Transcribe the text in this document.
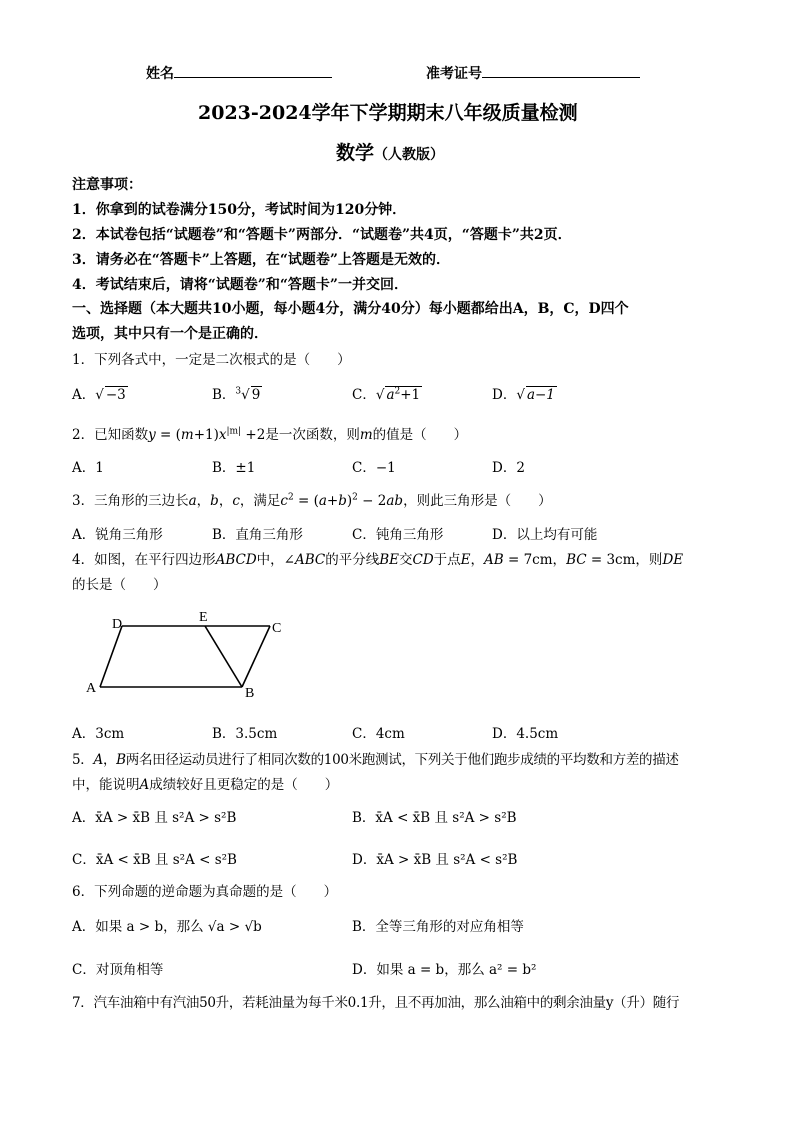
姓名	准考证号
2023-2024学年下学期期末八年级质量检测
数学（人教版）
注意事项：
1．你拿到的试卷满分150分，考试时间为120分钟．
2．本试卷包括“试题卷”和“答题卡”两部分．“试题卷”共4页，“答题卡”共2页．
3．请务必在“答题卡”上答题，在“试题卷”上答题是无效的．
4．考试结束后，请将“试题卷”和“答题卡”一并交回．
一、选择题（本大题共10小题，每小题4分，满分40分）每小题都给出A，B，C，D四个
选项，其中只有一个是正确的．
1．下列各式中，一定是二次根式的是（　　）
A．√ −3	B．$^3$√ 9	C．√ $a^2+1$	D．√ a−1
2．已知函数$y = (m+1)x^{|m|} +2$是一次函数，则m的值是（　　）
A．1	B．±1	C．−1	D．2
3．三角形的三边长a，b，c，满足$c^2 = (a+b)^2 - 2ab$，则此三角形是（　　）
A．锐角三角形	B．直角三角形	C．钝角三角形	D．以上均有可能
4．如图，在平行四边形ABCD中，∠ABC的平分线BE交CD于点E，AB = 7cm，BC = 3cm，则DE
的长是（　　）
D	E
C
A	B
A．3cm	B．3.5cm	C．4cm	D．4.5cm
5．A，B两名田径运动员进行了相同次数的100米跑测试，下列关于他们跑步成绩的平均数和方差的描述
中，能说明A成绩较好且更稳定的是（　　）
A．x̄A > x̄B 且 s²A > s²B	B．x̄A < x̄B 且 s²A > s²B
C．x̄A < x̄B 且 s²A < s²B	D．x̄A > x̄B 且 s²A < s²B
6．下列命题的逆命题为真命题的是（　　）
A．如果 a > b，那么 √a > √b	B．全等三角形的对应角相等
C．对顶角相等	D．如果 a = b，那么 a² = b²
7．汽车油箱中有汽油50升，若耗油量为每千米0.1升，且不再加油，那么油箱中的剩余油量y（升）随行
